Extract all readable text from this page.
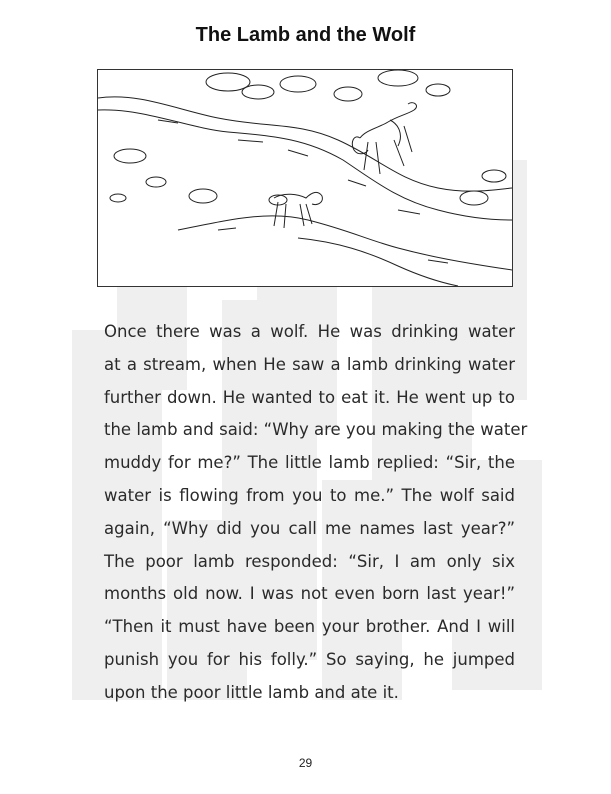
The Lamb and the Wolf
Once there was a wolf. He was drinking water
at a stream, when He saw a lamb drinking water
further down. He wanted to eat it. He went up to
the lamb and said: “Why are you making the water
muddy for me?” The little lamb replied: “Sir, the
water is flowing from you to me.” The wolf said
again, “Why did you call me names last year?”
The poor lamb responded: “Sir, I am only six
months old now. I was not even born last year!”
“Then it must have been your brother. And I will
punish you for his folly.” So saying, he jumped
upon the poor little lamb and ate it.
29
